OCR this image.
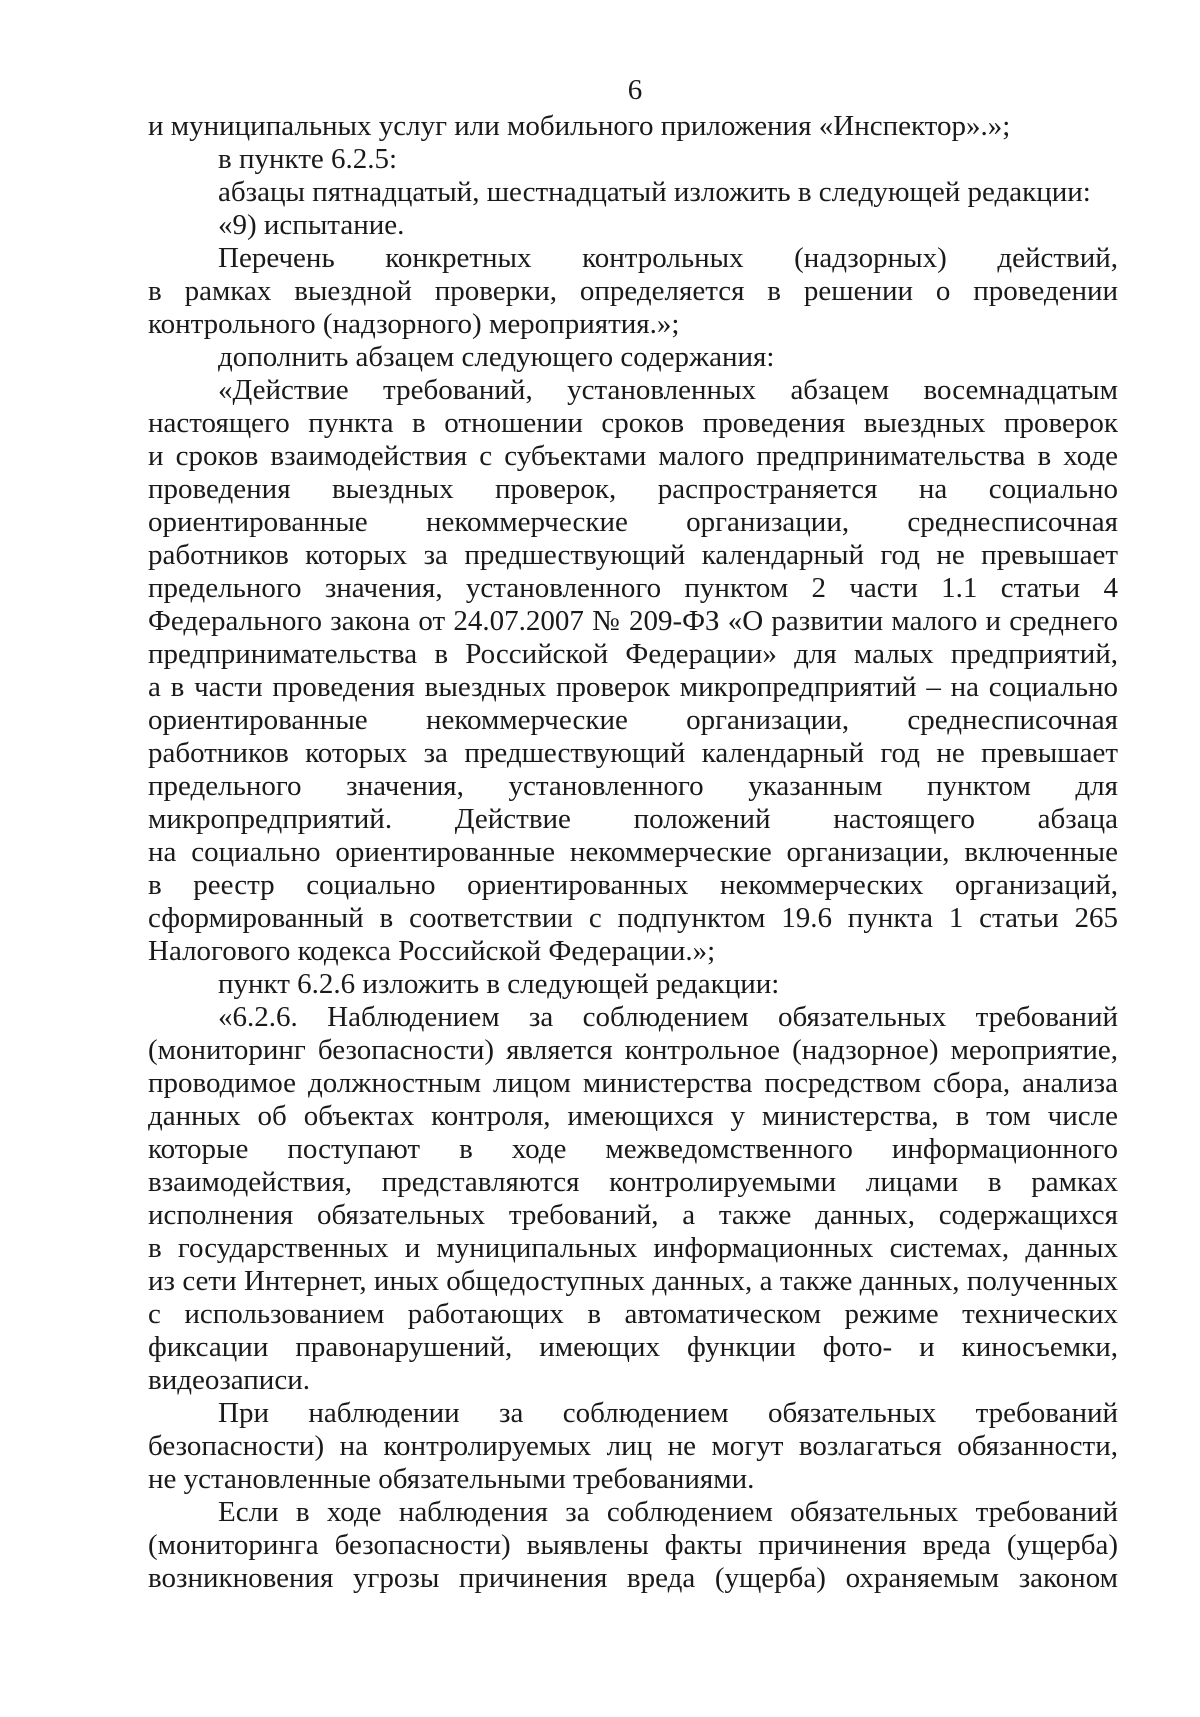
6
и муниципальных услуг или мобильного приложения «Инспектор».»;
в пункте 6.2.5:
абзацы пятнадцатый, шестнадцатый изложить в следующей редакции:
«9) испытание.
Перечень конкретных контрольных (надзорных) действий,
в рамках выездной проверки, определяется в решении о проведении
контрольного (надзорного) мероприятия.»;
дополнить абзацем следующего содержания:
«Действие требований, установленных абзацем восемнадцатым
настоящего пункта в отношении сроков проведения выездных проверок
и сроков взаимодействия с субъектами малого предпринимательства в ходе
проведения выездных проверок, распространяется на социально
ориентированные некоммерческие организации, среднесписочная
работников которых за предшествующий календарный год не превышает
предельного значения, установленного пунктом 2 части 1.1 статьи 4
Федерального закона от 24.07.2007 № 209-ФЗ «О развитии малого и среднего
предпринимательства в Российской Федерации» для малых предприятий,
а в части проведения выездных проверок микропредприятий – на социально
ориентированные некоммерческие организации, среднесписочная
работников которых за предшествующий календарный год не превышает
предельного значения, установленного указанным пунктом для
микропредприятий. Действие положений настоящего абзаца
на социально ориентированные некоммерческие организации, включенные
в реестр социально ориентированных некоммерческих организаций,
сформированный в соответствии с подпунктом 19.6 пункта 1 статьи 265
Налогового кодекса Российской Федерации.»;
пункт 6.2.6 изложить в следующей редакции:
«6.2.6. Наблюдением за соблюдением обязательных требований
(мониторинг безопасности) является контрольное (надзорное) мероприятие,
проводимое должностным лицом министерства посредством сбора, анализа
данных об объектах контроля, имеющихся у министерства, в том числе
которые поступают в ходе межведомственного информационного
взаимодействия, представляются контролируемыми лицами в рамках
исполнения обязательных требований, а также данных, содержащихся
в государственных и муниципальных информационных системах, данных
из сети Интернет, иных общедоступных данных, а также данных, полученных
с использованием работающих в автоматическом режиме технических
фиксации правонарушений, имеющих функции фото- и киносъемки,
видеозаписи.
При наблюдении за соблюдением обязательных требований
безопасности) на контролируемых лиц не могут возлагаться обязанности,
не установленные обязательными требованиями.
Если в ходе наблюдения за соблюдением обязательных требований
(мониторинга безопасности) выявлены факты причинения вреда (ущерба)
возникновения угрозы причинения вреда (ущерба) охраняемым законом
